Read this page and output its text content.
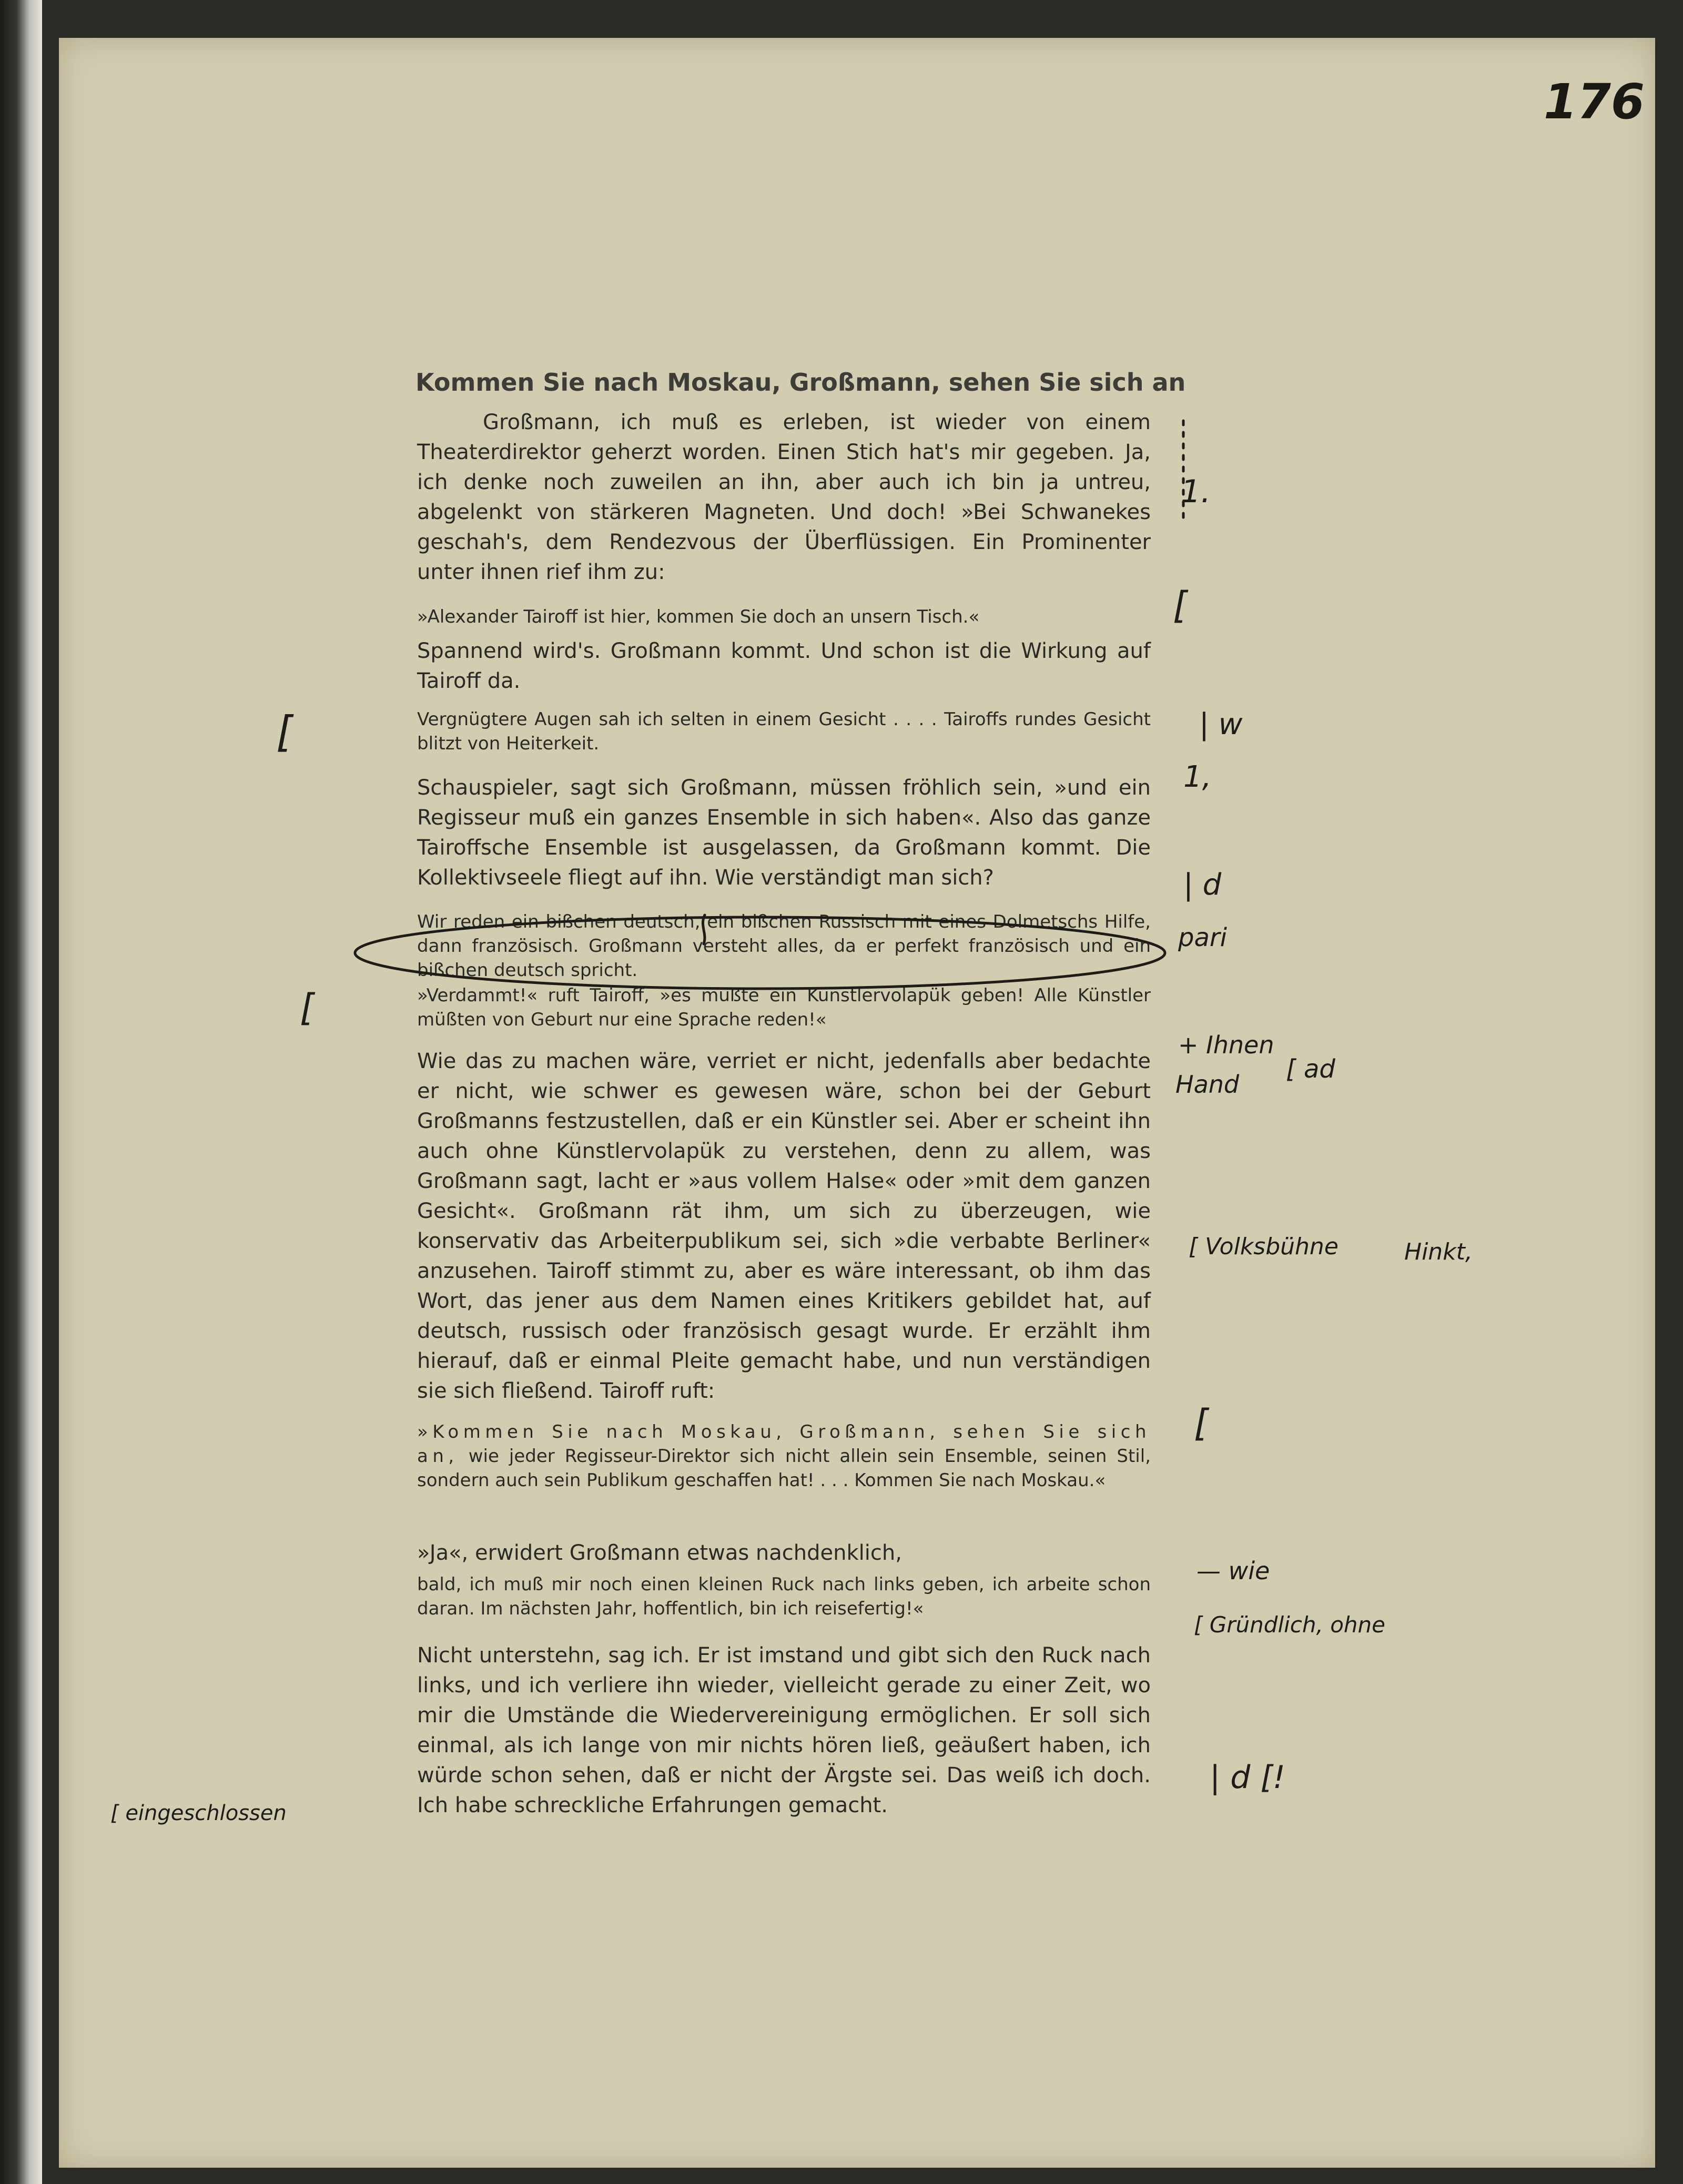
176
Kommen Sie nach Moskau, Großmann, sehen Sie sich an
Großmann, ich muß es erleben, ist wieder von einem Theaterdirektor geherzt worden. Einen Stich hat's mir gegeben. Ja, ich denke noch zuweilen an ihn, aber auch ich bin ja untreu, abgelenkt von stärkeren Magneten. Und doch! »Bei Schwanekes geschah's, dem Rendezvous der Überflüssigen. Ein Prominenter unter ihnen rief ihm zu:
»Alexander Tairoff ist hier, kommen Sie doch an unsern Tisch.«
Spannend wird's. Großmann kommt. Und schon ist die Wirkung auf Tairoff da.
Vergnügtere Augen sah ich selten in einem Gesicht . . . . Tairoffs rundes Gesicht blitzt von Heiterkeit.
Schauspieler, sagt sich Großmann, müssen fröhlich sein, »und ein Regisseur muß ein ganzes Ensemble in sich haben«. Also das ganze Tairoffsche Ensemble ist ausgelassen, da Großmann kommt. Die Kollektivseele fliegt auf ihn. Wie verständigt man sich?
Wir reden ein bißchen deutsch, ein bißchen Russisch mit eines Dolmetschs Hilfe, dann französisch. Großmann versteht alles, da er perfekt französisch und ein bißchen deutsch spricht.
»Verdammt!« ruft Tairoff, »es müßte ein Künstlervolapük geben! Alle Künstler müßten von Geburt nur eine Sprache reden!«
Wie das zu machen wäre, verriet er nicht, jedenfalls aber bedachte er nicht, wie schwer es gewesen wäre, schon bei der Geburt Großmanns festzustellen, daß er ein Künstler sei. Aber er scheint ihn auch ohne Künstlervolapük zu verstehen, denn zu allem, was Großmann sagt, lacht er »aus vollem Halse« oder »mit dem ganzen Gesicht«. Großmann rät ihm, um sich zu überzeugen, wie konservativ das Arbeiterpublikum sei, sich »die verbabte Berliner« anzusehen. Tairoff stimmt zu, aber es wäre interessant, ob ihm das Wort, das jener aus dem Namen eines Kritikers gebildet hat, auf deutsch, russisch oder französisch gesagt wurde. Er erzählt ihm hierauf, daß er einmal Pleite gemacht habe, und nun verständigen sie sich fließend. Tairoff ruft:
»Kommen Sie nach Moskau, Großmann, sehen Sie sich an, wie jeder Regisseur-Direktor sich nicht allein sein Ensemble, seinen Stil, sondern auch sein Publikum geschaffen hat! . . . Kommen Sie nach Moskau.«
»Ja«, erwidert Großmann etwas nachdenklich,
bald, ich muß mir noch einen kleinen Ruck nach links geben, ich arbeite schon daran. Im nächsten Jahr, hoffentlich, bin ich reisefertig!«
Nicht unterstehn, sag ich. Er ist imstand und gibt sich den Ruck nach links, und ich verliere ihn wieder, vielleicht gerade zu einer Zeit, wo mir die Umstände die Wiedervereinigung ermöglichen. Er soll sich einmal, als ich lange von mir nichts hören ließ, geäußert haben, ich würde schon sehen, daß er nicht der Ärgste sei. Das weiß ich doch. Ich habe schreckliche Erfahrungen gemacht.
1.
[
[	| w
1,
| d
pari
[
+ Ihnen
Hand
[ ad
[ Volksbühne	Hinkt,
[
— wie
[ Gründlich, ohne
| d [!
[ eingeschlossen
